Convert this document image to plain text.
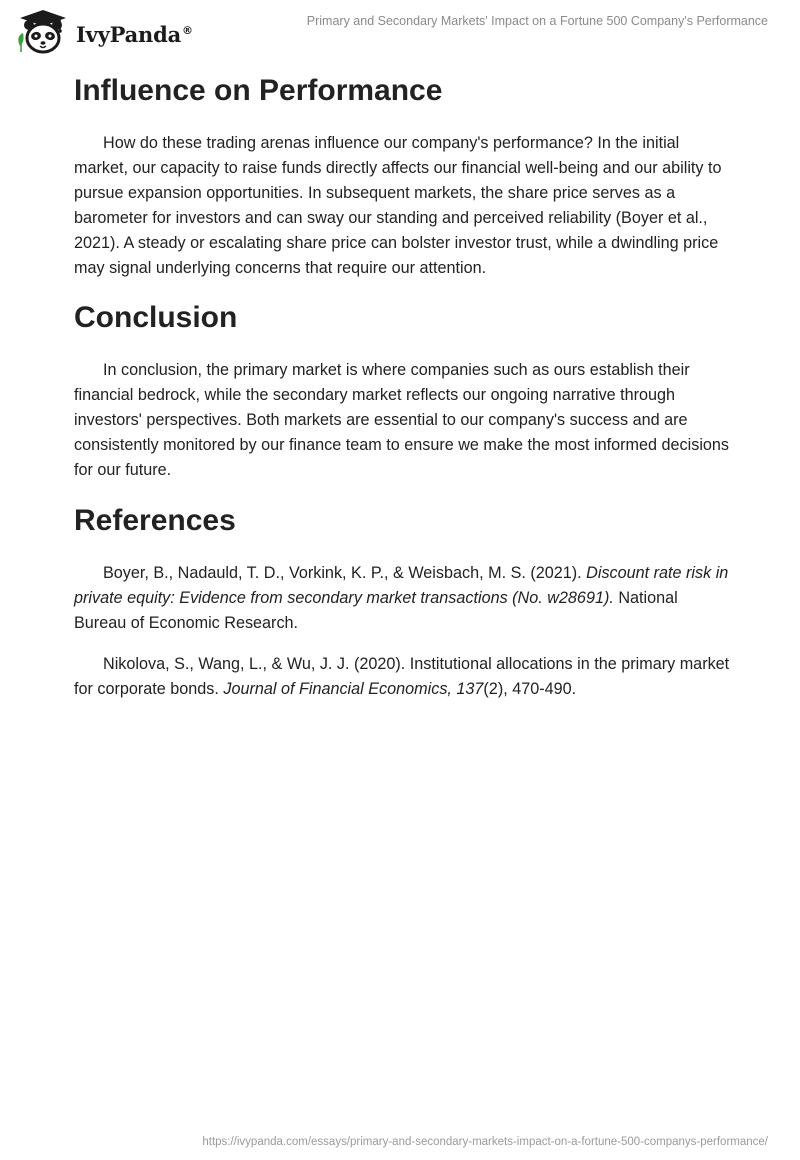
IvyPanda®
Primary and Secondary Markets' Impact on a Fortune 500 Company's Performance
Influence on Performance

How do these trading arenas influence our company's performance? In the initial market, our capacity to raise funds directly affects our financial well-being and our ability to pursue expansion opportunities. In subsequent markets, the share price serves as a barometer for investors and can sway our standing and perceived reliability (Boyer et al., 2021). A steady or escalating share price can bolster investor trust, while a dwindling price may signal underlying concerns that require our attention.

Conclusion

In conclusion, the primary market is where companies such as ours establish their financial bedrock, while the secondary market reflects our ongoing narrative through investors' perspectives. Both markets are essential to our company's success and are consistently monitored by our finance team to ensure we make the most informed decisions for our future.

References

Boyer, B., Nadauld, T. D., Vorkink, K. P., & Weisbach, M. S. (2021). Discount rate risk in private equity: Evidence from secondary market transactions (No. w28691). National Bureau of Economic Research.

Nikolova, S., Wang, L., & Wu, J. J. (2020). Institutional allocations in the primary market for corporate bonds. Journal of Financial Economics, 137(2), 470-490.

https://ivypanda.com/essays/primary-and-secondary-markets-impact-on-a-fortune-500-companys-performance/
